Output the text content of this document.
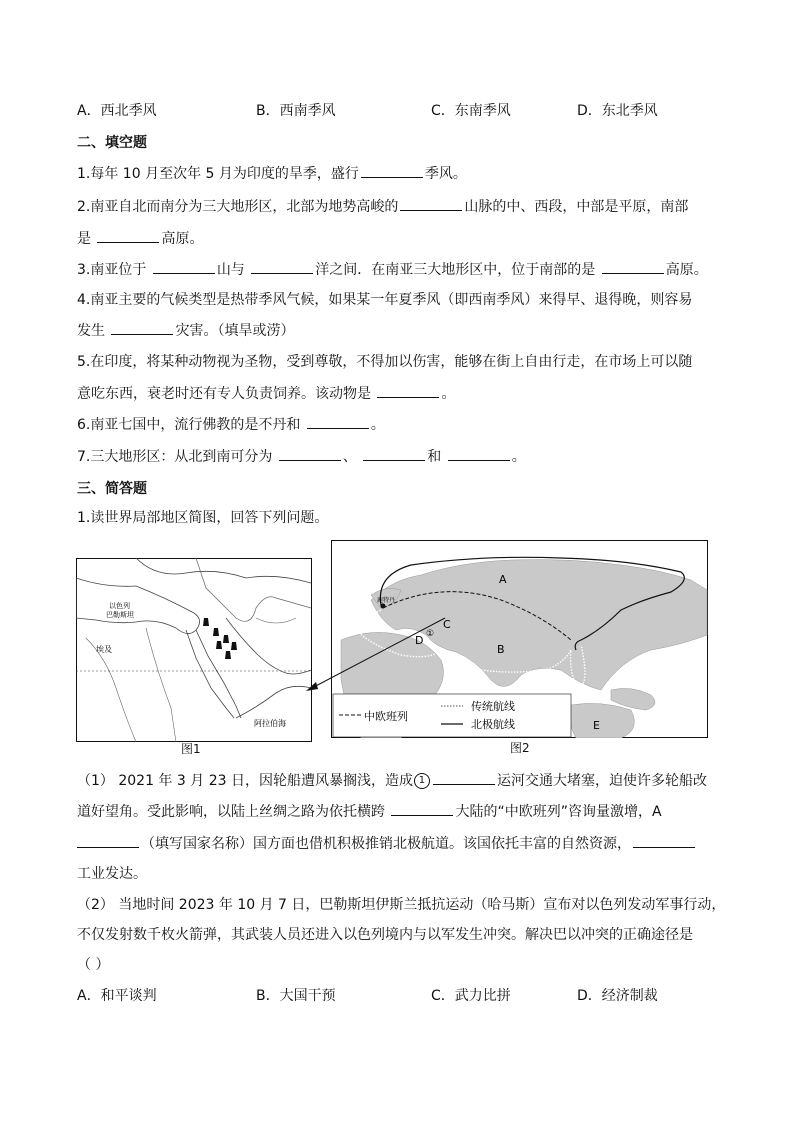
A．西北季风	B．西南季风	C．东南季风	D．东北季风
二、填空题
1.每年 10 月至次年 5 月为印度的旱季，盛行	季风。
2.南亚自北而南分为三大地形区，北部为地势高峻的	山脉的中、西段，中部是平原，南部
是	高原。
3.南亚位于	山与	洋之间．在南亚三大地形区中，位于南部的是	高原。
4.南亚主要的气候类型是热带季风气候，如果某一年夏季风（即西南季风）来得早、退得晚，则容易
发生	灾害。（填旱或涝）
5.在印度，将某种动物视为圣物，受到尊敬，不得加以伤害，能够在街上自由行走，在市场上可以随
意吃东西，衰老时还有专人负责饲养。该动物是	。
6.南亚七国中，流行佛教的是不丹和	。
7.三大地形区：从北到南可分为	、	和	。
三、简答题
1.读世界局部地区简图，回答下列问题。
以色列
巴勒斯坦
埃及
阿拉伯海
图1
鹿特丹
A
B
C
D ①
E
中欧班列
传统航线
北极航线
图2
（1） 2021 年 3 月 23 日，因轮船遭风暴搁浅，造成 1	运河交通大堵塞，迫使许多轮船改
道好望角。受此影响，以陆上丝绸之路为依托横跨	大陆的“中欧班列”咨询量激增，A
（填写国家名称）国方面也借机积极推销北极航道。该国依托丰富的自然资源，
工业发达。
（2） 当地时间 2023 年 10 月 7 日，巴勒斯坦伊斯兰抵抗运动（哈马斯）宣布对以色列发动军事行动，
不仅发射数千枚火箭弹，其武装人员还进入以色列境内与以军发生冲突。解决巴以冲突的正确途径是
（ ）
A．和平谈判	B．大国干预	C．武力比拼	D．经济制裁
